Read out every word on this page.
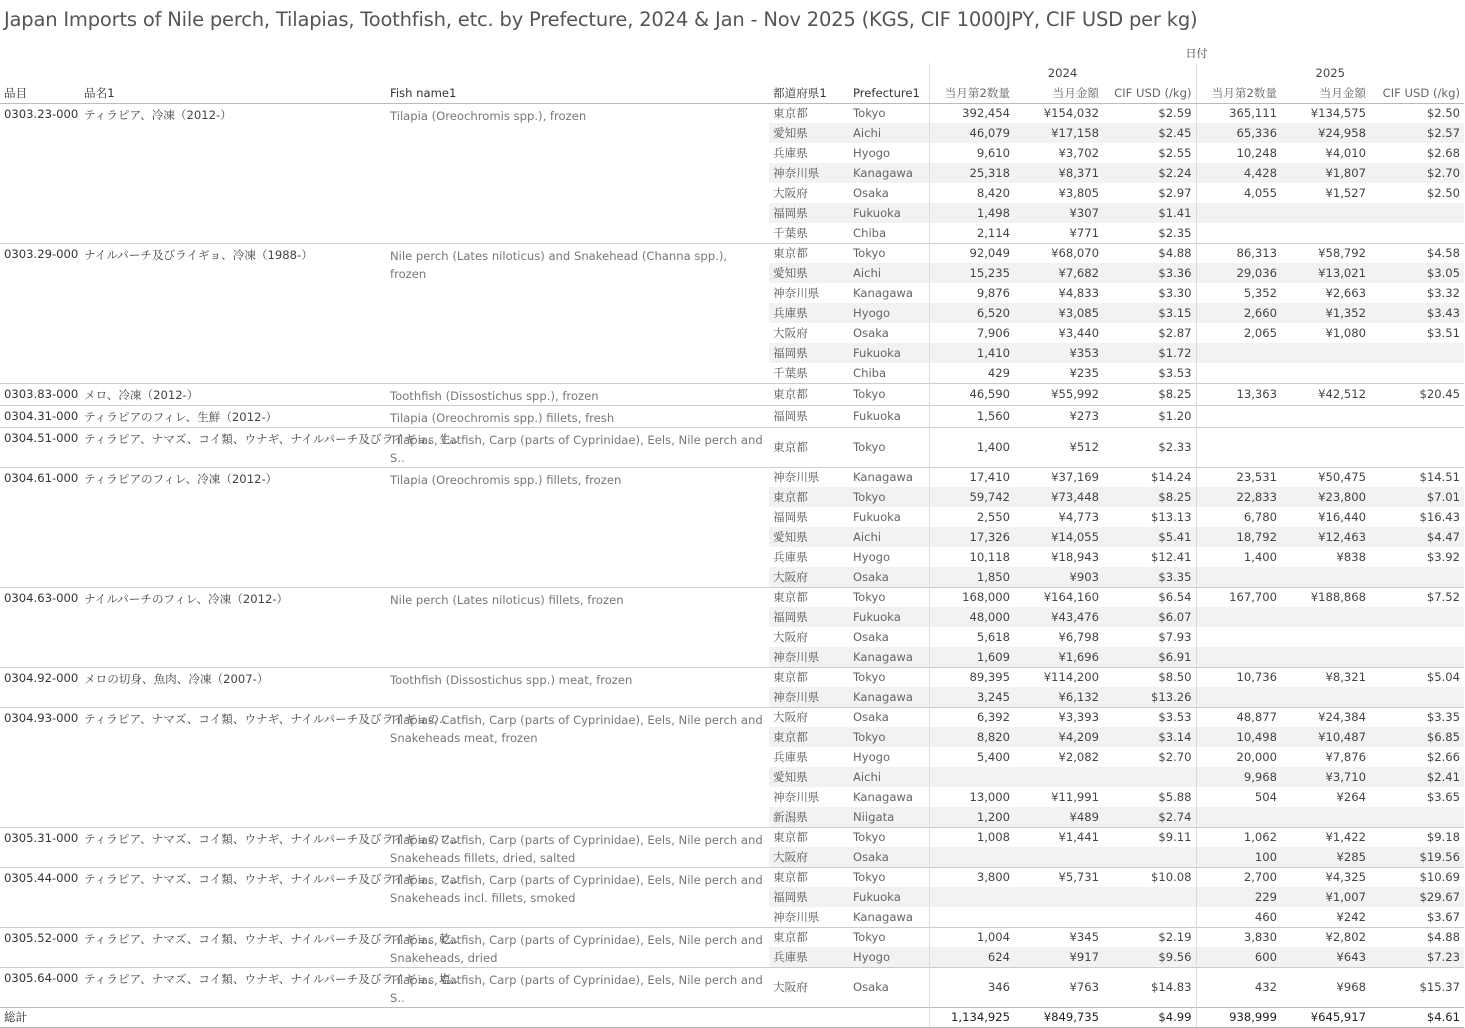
Japan Imports of Nile perch, Tilapias, Toothfish, etc. by Prefecture, 2024 & Jan - Nov 2025 (KGS, CIF 1000JPY, CIF USD per kg)
					日付					
					2024			2025		
品目	品名1	Fish name1	都道府県1	Prefecture1	当月第2数量	当月金額	CIF USD (/kg)	当月第2数量	当月金額	CIF USD (/kg)
0303.23-000	ティラピア、冷凍（2012-）	Tilapia (Oreochromis spp.), frozen	東京都	Tokyo	392,454	¥154,032	$2.59	365,111	¥134,575	$2.50
			愛知県	Aichi	46,079	¥17,158	$2.45	65,336	¥24,958	$2.57
			兵庫県	Hyogo	9,610	¥3,702	$2.55	10,248	¥4,010	$2.68
			神奈川県	Kanagawa	25,318	¥8,371	$2.24	4,428	¥1,807	$2.70
			大阪府	Osaka	8,420	¥3,805	$2.97	4,055	¥1,527	$2.50
			福岡県	Fukuoka	1,498	¥307	$1.41			
			千葉県	Chiba	2,114	¥771	$2.35			
0303.29-000	ナイルパーチ及びライギョ、冷凍（1988-）	Nile perch (Lates niloticus) and Snakehead (Channa spp.), frozen	東京都	Tokyo	92,049	¥68,070	$4.88	86,313	¥58,792	$4.58
			愛知県	Aichi	15,235	¥7,682	$3.36	29,036	¥13,021	$3.05
			神奈川県	Kanagawa	9,876	¥4,833	$3.30	5,352	¥2,663	$3.32
			兵庫県	Hyogo	6,520	¥3,085	$3.15	2,660	¥1,352	$3.43
			大阪府	Osaka	7,906	¥3,440	$2.87	2,065	¥1,080	$3.51
			福岡県	Fukuoka	1,410	¥353	$1.72			
			千葉県	Chiba	429	¥235	$3.53			
0303.83-000	メロ、冷凍（2012-）	Toothfish (Dissostichus spp.), frozen	東京都	Tokyo	46,590	¥55,992	$8.25	13,363	¥42,512	$20.45
0304.31-000	ティラピアのフィレ、生鮮（2012-）	Tilapia (Oreochromis spp.) fillets, fresh	福岡県	Fukuoka	1,560	¥273	$1.20			
0304.51-000	ティラピア、ナマズ、コイ類、ウナギ、ナイルパーチ及びライギョ、生..	Tilapias, Catfish, Carp (parts of Cyprinidae), Eels, Nile perch and S..	東京都	Tokyo	1,400	¥512	$2.33			
0304.61-000	ティラピアのフィレ、冷凍（2012-）	Tilapia (Oreochromis spp.) fillets, frozen	神奈川県	Kanagawa	17,410	¥37,169	$14.24	23,531	¥50,475	$14.51
			東京都	Tokyo	59,742	¥73,448	$8.25	22,833	¥23,800	$7.01
			福岡県	Fukuoka	2,550	¥4,773	$13.13	6,780	¥16,440	$16.43
			愛知県	Aichi	17,326	¥14,055	$5.41	18,792	¥12,463	$4.47
			兵庫県	Hyogo	10,118	¥18,943	$12.41	1,400	¥838	$3.92
			大阪府	Osaka	1,850	¥903	$3.35			
0304.63-000	ナイルパーチのフィレ、冷凍（2012-）	Nile perch (Lates niloticus) fillets, frozen	東京都	Tokyo	168,000	¥164,160	$6.54	167,700	¥188,868	$7.52
			福岡県	Fukuoka	48,000	¥43,476	$6.07			
			大阪府	Osaka	5,618	¥6,798	$7.93			
			神奈川県	Kanagawa	1,609	¥1,696	$6.91			
0304.92-000	メロの切身、魚肉、冷凍（2007-）	Toothfish (Dissostichus spp.) meat, frozen	東京都	Tokyo	89,395	¥114,200	$8.50	10,736	¥8,321	$5.04
			神奈川県	Kanagawa	3,245	¥6,132	$13.26			
0304.93-000	ティラピア、ナマズ、コイ類、ウナギ、ナイルパーチ及びライギョの..	Tilapias, Catfish, Carp (parts of Cyprinidae), Eels, Nile perch and Snakeheads meat, frozen	大阪府	Osaka	6,392	¥3,393	$3.53	48,877	¥24,384	$3.35
			東京都	Tokyo	8,820	¥4,209	$3.14	10,498	¥10,487	$6.85
			兵庫県	Hyogo	5,400	¥2,082	$2.70	20,000	¥7,876	$2.66
			愛知県	Aichi				9,968	¥3,710	$2.41
			神奈川県	Kanagawa	13,000	¥11,991	$5.88	504	¥264	$3.65
			新潟県	Niigata	1,200	¥489	$2.74			
0305.31-000	ティラピア、ナマズ、コイ類、ウナギ、ナイルパーチ及びライギョのフ..	Tilapias, Catfish, Carp (parts of Cyprinidae), Eels, Nile perch and Snakeheads fillets, dried, salted	東京都	Tokyo	1,008	¥1,441	$9.11	1,062	¥1,422	$9.18
			大阪府	Osaka				100	¥285	$19.56
0305.44-000	ティラピア、ナマズ、コイ類、ウナギ、ナイルパーチ及びライギョ、フ..	Tilapias, Catfish, Carp (parts of Cyprinidae), Eels, Nile perch and Snakeheads incl. fillets, smoked	東京都	Tokyo	3,800	¥5,731	$10.08	2,700	¥4,325	$10.69
			福岡県	Fukuoka				229	¥1,007	$29.67
			神奈川県	Kanagawa				460	¥242	$3.67
0305.52-000	ティラピア、ナマズ、コイ類、ウナギ、ナイルパーチ及びライギョ、乾..	Tilapias, Catfish, Carp (parts of Cyprinidae), Eels, Nile perch and Snakeheads, dried	東京都	Tokyo	1,004	¥345	$2.19	3,830	¥2,802	$4.88
			兵庫県	Hyogo	624	¥917	$9.56	600	¥643	$7.23
0305.64-000	ティラピア、ナマズ、コイ類、ウナギ、ナイルパーチ及びライギョ、塩..	Tilapias, Catfish, Carp (parts of Cyprinidae), Eels, Nile perch and S..	大阪府	Osaka	346	¥763	$14.83	432	¥968	$15.37
総計					1,134,925	¥849,735	$4.99	938,999	¥645,917	$4.61
